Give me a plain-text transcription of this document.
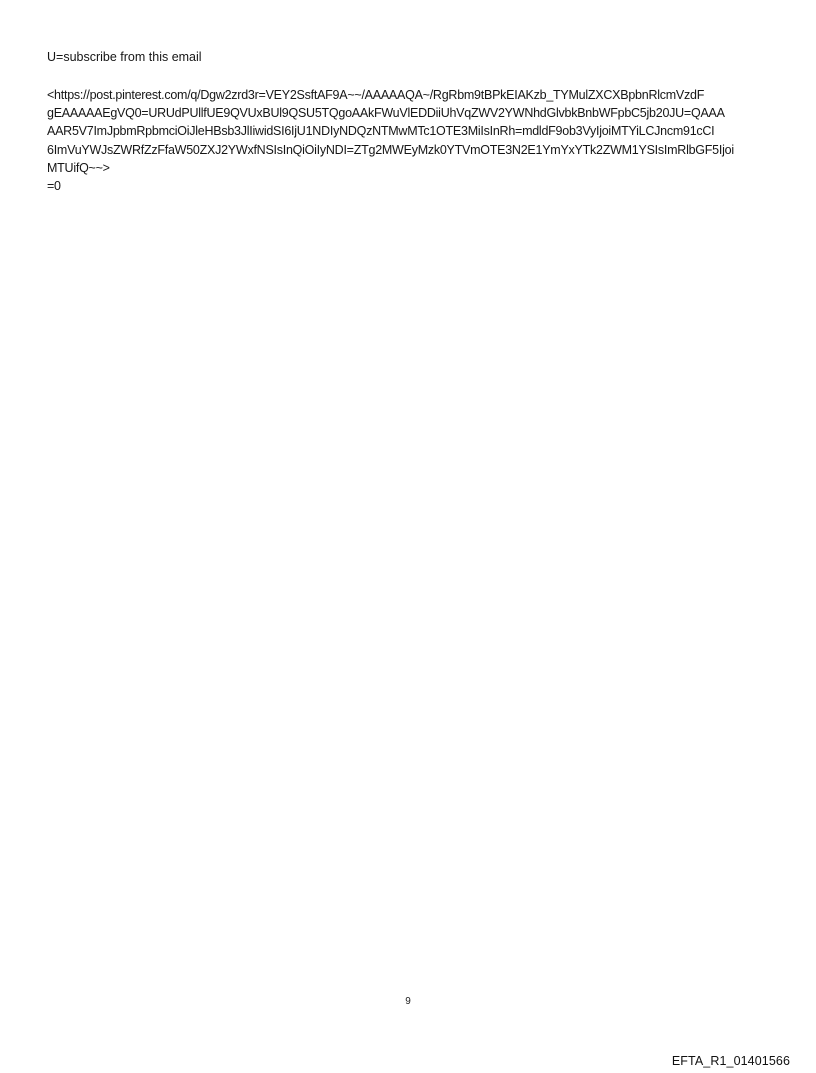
U=subscribe from this email
<https://post.pinterest.com/q/Dgw2zrd3r=VEY2SsftAF9A~~/AAAAAQA~/RgRbm9tBPkEIAKzb_TYMulZXCXBpbnRlcmVzdF
gEAAAAAEgVQ0=URUdPUllfUE9QVUxBUl9QSU5TQgoAAkFWuVlEDDiiUhVqZWV2YWNhdGlvbkBnbWFpbC5jb20JU=QAAA
AAR5V7ImJpbmRpbmciOiJleHBsb3JlIiwidSI6IjU1NDIyNDQzNTMwMTc1OTE3MiIsInRh=mdldF9ob3VyIjoiMTYiLCJncm91cCI
6ImVuYWJsZWRfZzFfaW50ZXJ2YWxfNSIsInQiOiIyNDI=ZTg2MWEyMzk0YTVmOTE3N2E1YmYxYTk2ZWM1YSIsImRlbGF5Ijoi
MTUifQ~~>
=0
9
EFTA_R1_01401566
